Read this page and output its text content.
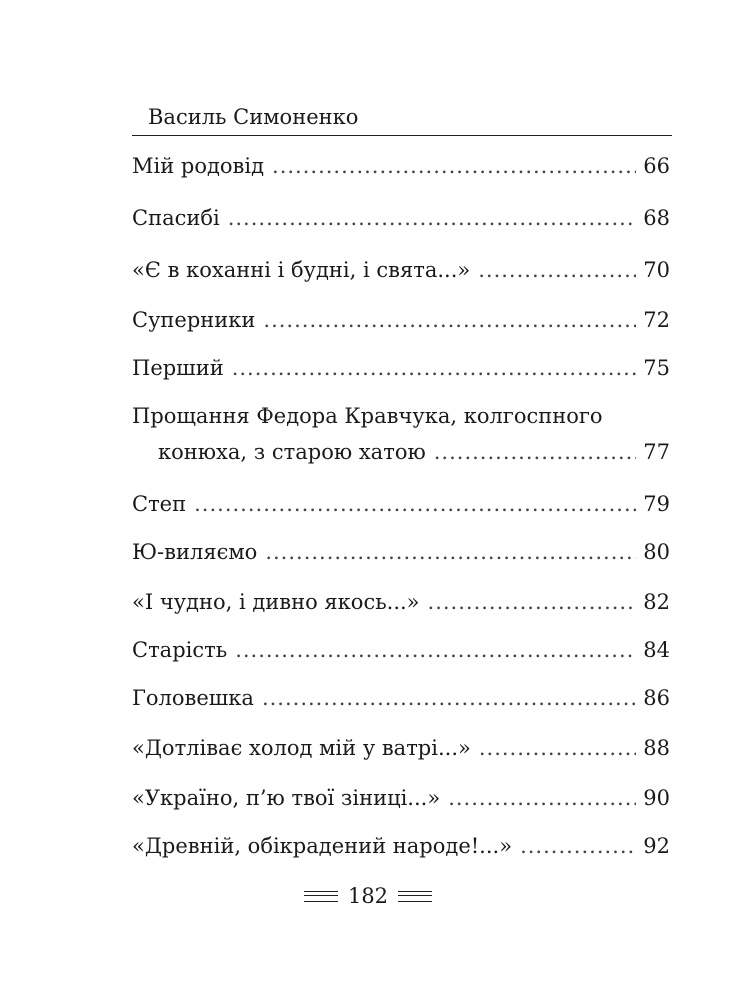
Василь Симоненко
Мій родовід .....	66
Спасибі .....	68
«Є в коханні і будні, і свята...» .....	70
Суперники .....	72
Перший .....	75
Прощання Федора Кравчука, колгоспного
конюха, з старою хатою .....	77
Степ .....	79
Ю-виляємо .....	80
«І чудно, і дивно якось...» .....	82
Старість .....	84
Головешка .....	86
«Дотліває холод мій у ватрі...» .....	88
«Україно, п’ю твої зіниці...» .....	90
«Древній, обікрадений народе!...» .....	92
182
